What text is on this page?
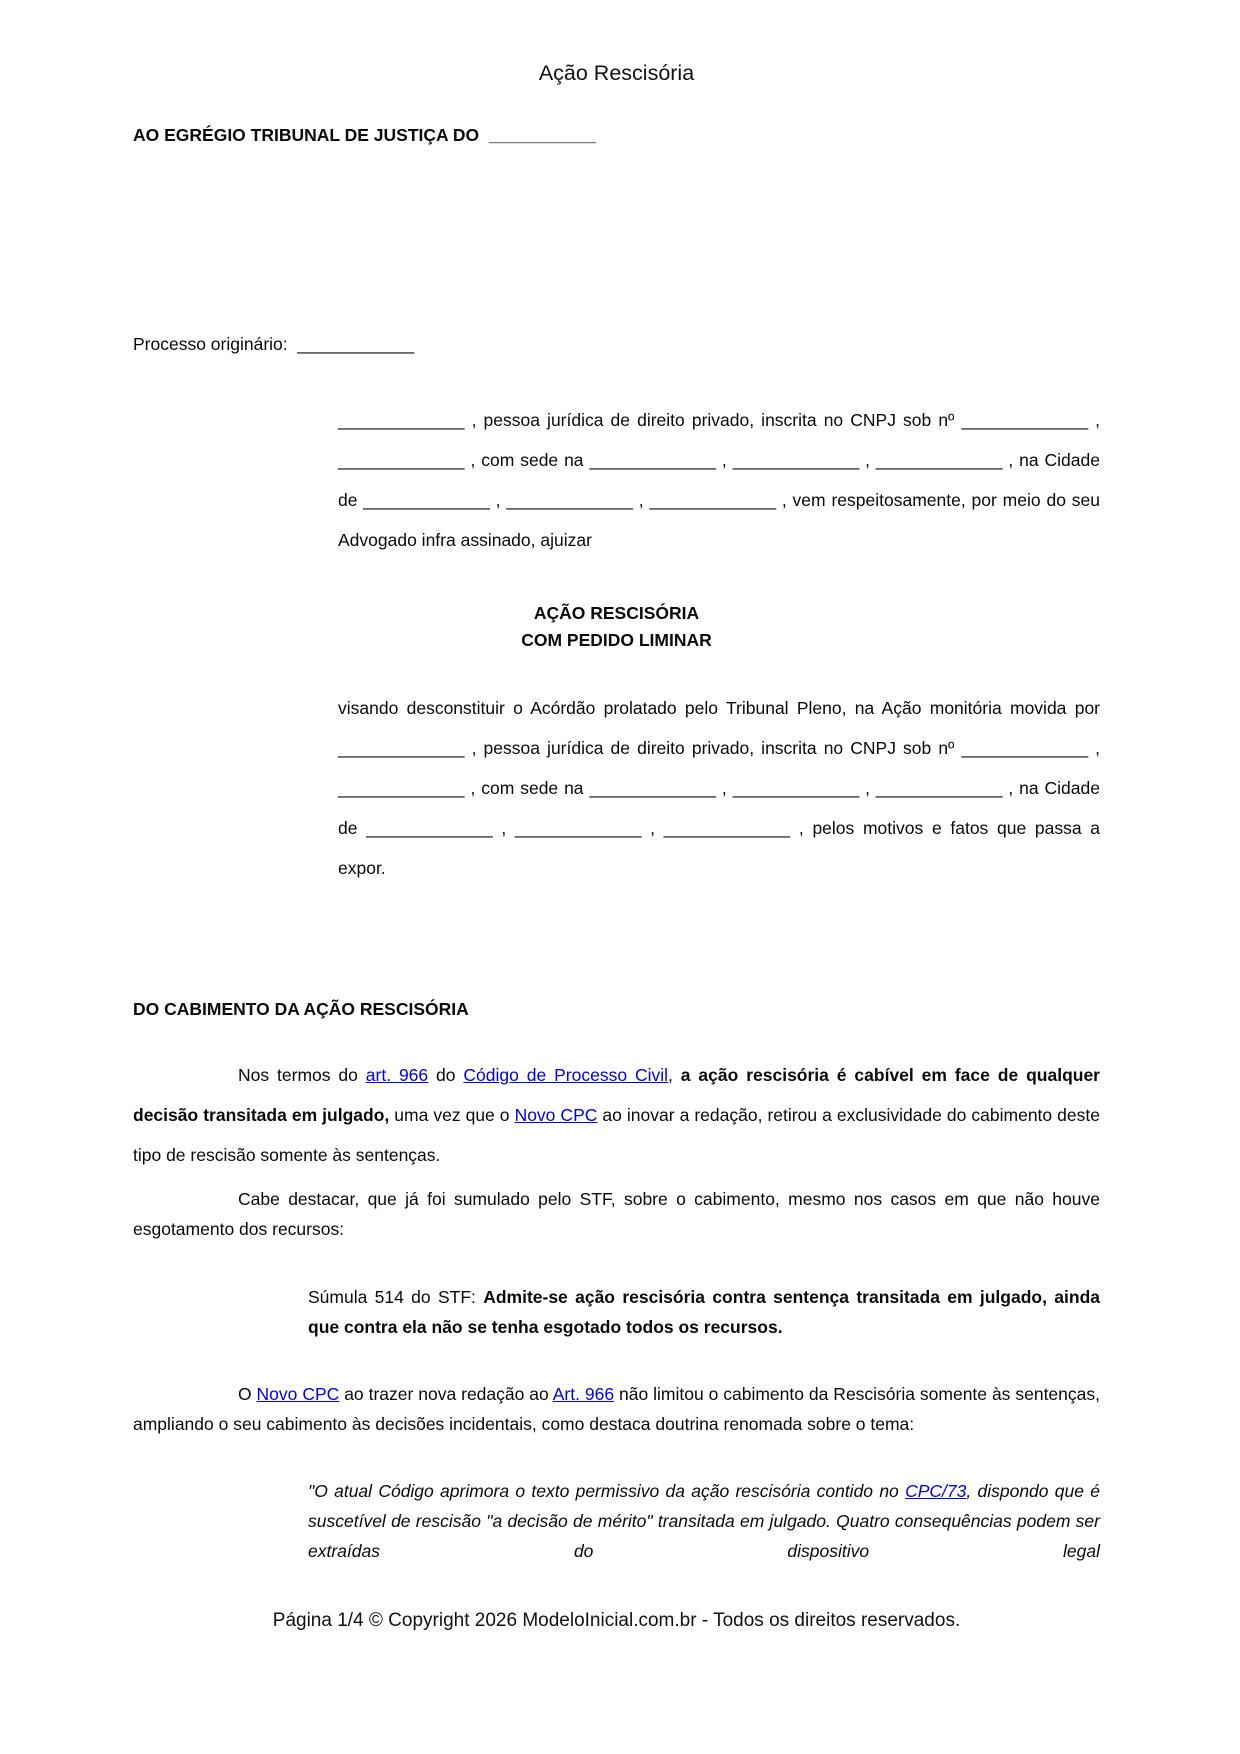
Ação Rescisória
AO EGRÉGIO TRIBUNAL DE JUSTIÇA DO ___________
Processo originário: ____________
_____________ , pessoa jurídica de direito privado, inscrita no CNPJ sob nº _____________ , _____________ , com sede na _____________ , _____________ , _____________ , na Cidade de _____________ , _____________ , _____________ , vem respeitosamente, por meio do seu Advogado infra assinado, ajuizar
AÇÃO RESCISÓRIA
COM PEDIDO LIMINAR
visando desconstituir o Acórdão prolatado pelo Tribunal Pleno, na Ação monitória movida por _____________ , pessoa jurídica de direito privado, inscrita no CNPJ sob nº _____________ , _____________ , com sede na _____________ , _____________ , _____________ , na Cidade de _____________ , _____________ , _____________ , pelos motivos e fatos que passa a expor.
DO CABIMENTO DA AÇÃO RESCISÓRIA
Nos termos do art. 966 do Código de Processo Civil, a ação rescisória é cabível em face de qualquer decisão transitada em julgado, uma vez que o Novo CPC ao inovar a redação, retirou a exclusividade do cabimento deste tipo de rescisão somente às sentenças.
Cabe destacar, que já foi sumulado pelo STF, sobre o cabimento, mesmo nos casos em que não houve esgotamento dos recursos:
Súmula 514 do STF: Admite-se ação rescisória contra sentença transitada em julgado, ainda que contra ela não se tenha esgotado todos os recursos.
O Novo CPC ao trazer nova redação ao Art. 966 não limitou o cabimento da Rescisória somente às sentenças, ampliando o seu cabimento às decisões incidentais, como destaca doutrina renomada sobre o tema:
"O atual Código aprimora o texto permissivo da ação rescisória contido no CPC/73, dispondo que é suscetível de rescisão "a decisão de mérito" transitada em julgado. Quatro consequências podem ser extraídas do dispositivo legal
Página 1/4 © Copyright 2026 ModeloInicial.com.br - Todos os direitos reservados.
